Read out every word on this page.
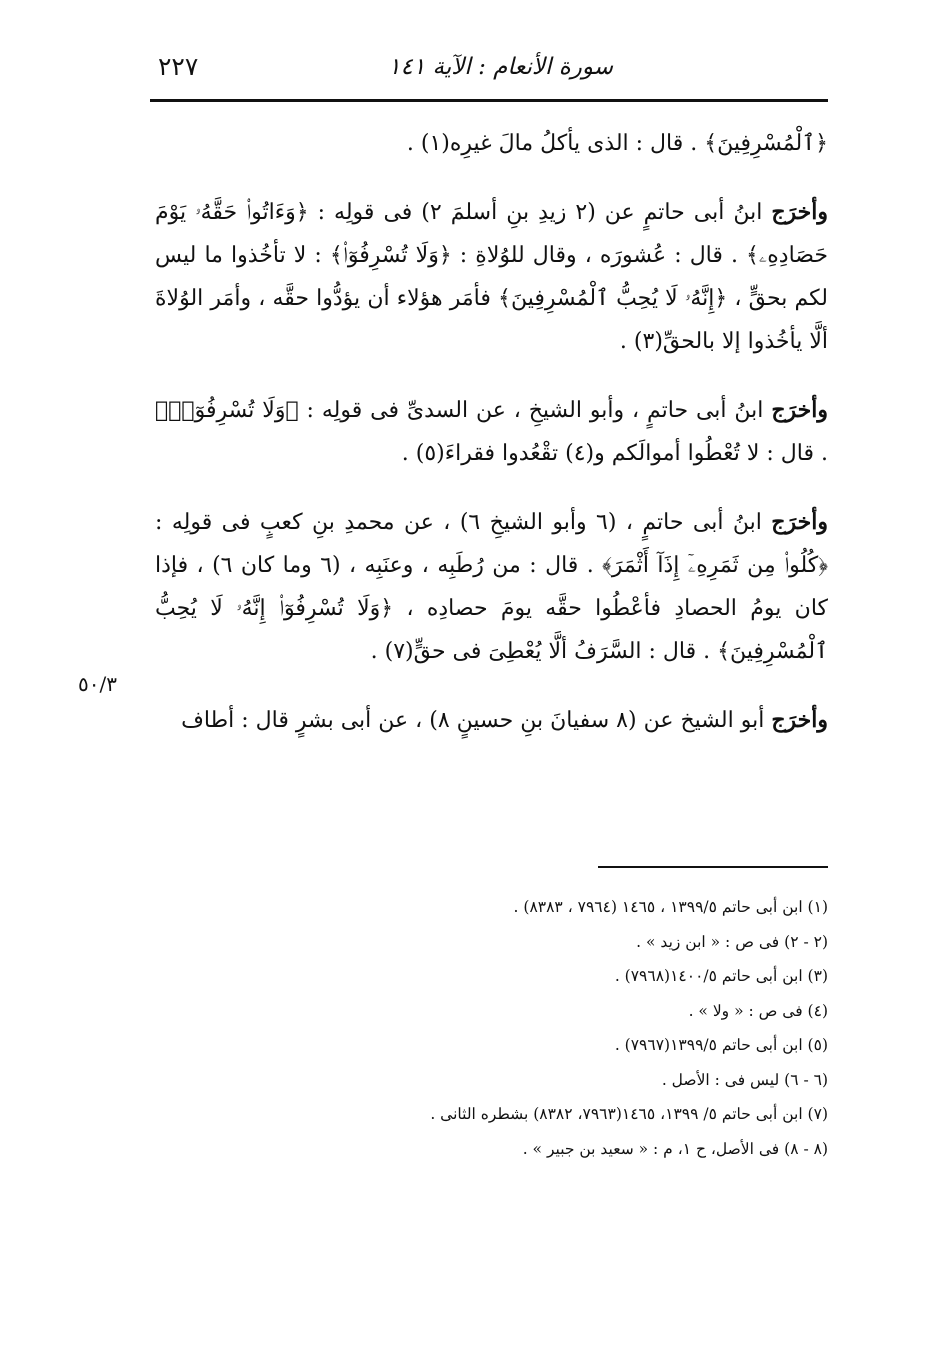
سورة الأنعام : الآية ١٤١
٢٢٧

﴿ٱلْمُسْرِفِينَ﴾ . قال : الذى يأكلُ مالَ غيرِه(١) .

وأخرَج ابنُ أبى حاتمٍ عن (٢ زيدِ بنِ أسلمَ ٢) فى قولِه : ﴿وَءَاتُوا۟ حَقَّهُۥ يَوْمَ حَصَادِهِۦ﴾ . قال : عُشورَه ، وقال للوُلاةِ : ﴿وَلَا تُسْرِفُوٓا۟﴾ : لا تأخُذوا ما ليس لكم بحقٍّ ، ﴿إِنَّهُۥ لَا يُحِبُّ ٱلْمُسْرِفِينَ﴾ فأمَر هؤلاء أن يؤدُّوا حقَّه ، وأمَر الوُلاةَ ألَّا يأخُذوا إلا بالحقِّ(٣) .

وأخرَج ابنُ أبى حاتمٍ ، وأبو الشيخِ ، عن السدىِّ فى قولِه : ﴿وَلَا تُسْرِفُوٓا۟﴾ . قال : لا تُعْطُوا أموالَكم و(٤) تقْعُدوا فقراءَ(٥) .

وأخرَج ابنُ أبى حاتمٍ ، (٦ وأبو الشيخِ ٦) ، عن محمدِ بنِ كعبٍ فى قولِه : ﴿كُلُوا۟ مِن ثَمَرِهِۦٓ إِذَآ أَثْمَرَ﴾ . قال : من رُطَبِه ، وعنَبِه ، (٦ وما كان ٦) ، فإذا كان يومُ الحصادِ فأعْطُوا حقَّه يومَ حصادِه ، ﴿وَلَا تُسْرِفُوٓا۟ إِنَّهُۥ لَا يُحِبُّ ٱلْمُسْرِفِينَ﴾ . قال : السَّرَفُ ألَّا يُعْطِىَ فى حقٍّ(٧) .

وأخرَج أبو الشيخ عن (٨ سفيانَ بنِ حسينٍ ٨) ، عن أبى بشرٍ قال : أطاف

٥٠/٣
(١) ابن أبى حاتم ١٣٩٩/٥ ، ١٤٦٥ (٧٩٦٤ ، ٨٣٨٣) .
(٢ - ٢) فى ص : « ابن زيد » .
(٣) ابن أبى حاتم ١٤٠٠/٥(٧٩٦٨) .
(٤) فى ص : « ولا » .
(٥) ابن أبى حاتم ١٣٩٩/٥(٧٩٦٧) .
(٦ - ٦) ليس فى : الأصل .
(٧) ابن أبى حاتم ٥/ ١٣٩٩، ١٤٦٥(٧٩٦٣، ٨٣٨٢) بشطره الثانى .
(٨ - ٨) فى الأصل، ح ١، م : « سعيد بن جبير » .
